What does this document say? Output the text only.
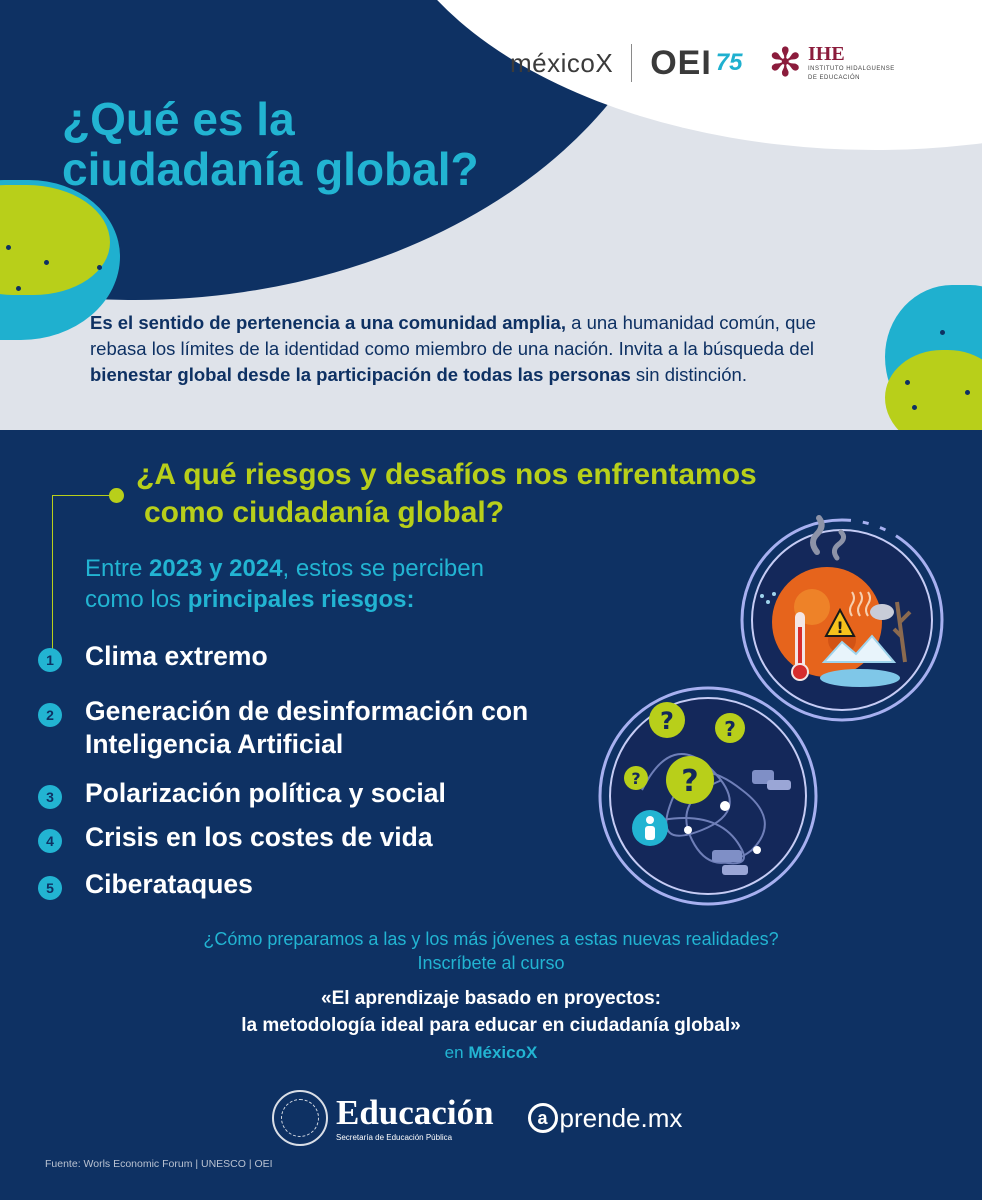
méxicoX OEI 75 ✻ IHE
INSTITUTO HIDALGUENSE
DE EDUCACIÓN
¿Qué es la
ciudadanía global?

Es el sentido de pertenencia a una comunidad amplia, a una humanidad común, que rebasa los límites de la identidad como miembro de una nación. Invita a la búsqueda del bienestar global desde la participación de todas las personas sin distinción.

¿A qué riesgos y desafíos nos enfrentamos
como ciudadanía global?

Entre 2023 y 2024, estos se perciben
como los principales riesgos:

1	Clima extremo
2	Generación de desinformación con Inteligencia Artificial
3	Polarización política y social
4	Crisis en los costes de vida
5	Ciberataques
!
?	?
? ?
¿Cómo preparamos a las y los más jóvenes a estas nuevas realidades?
Inscríbete al curso
«El aprendizaje basado en proyectos:
la metodología ideal para educar en ciudadanía global»
en MéxicoX
Educación
Secretaría de Educación Pública
a prende.mx
Fuente: Worls Economic Forum | UNESCO | OEI
